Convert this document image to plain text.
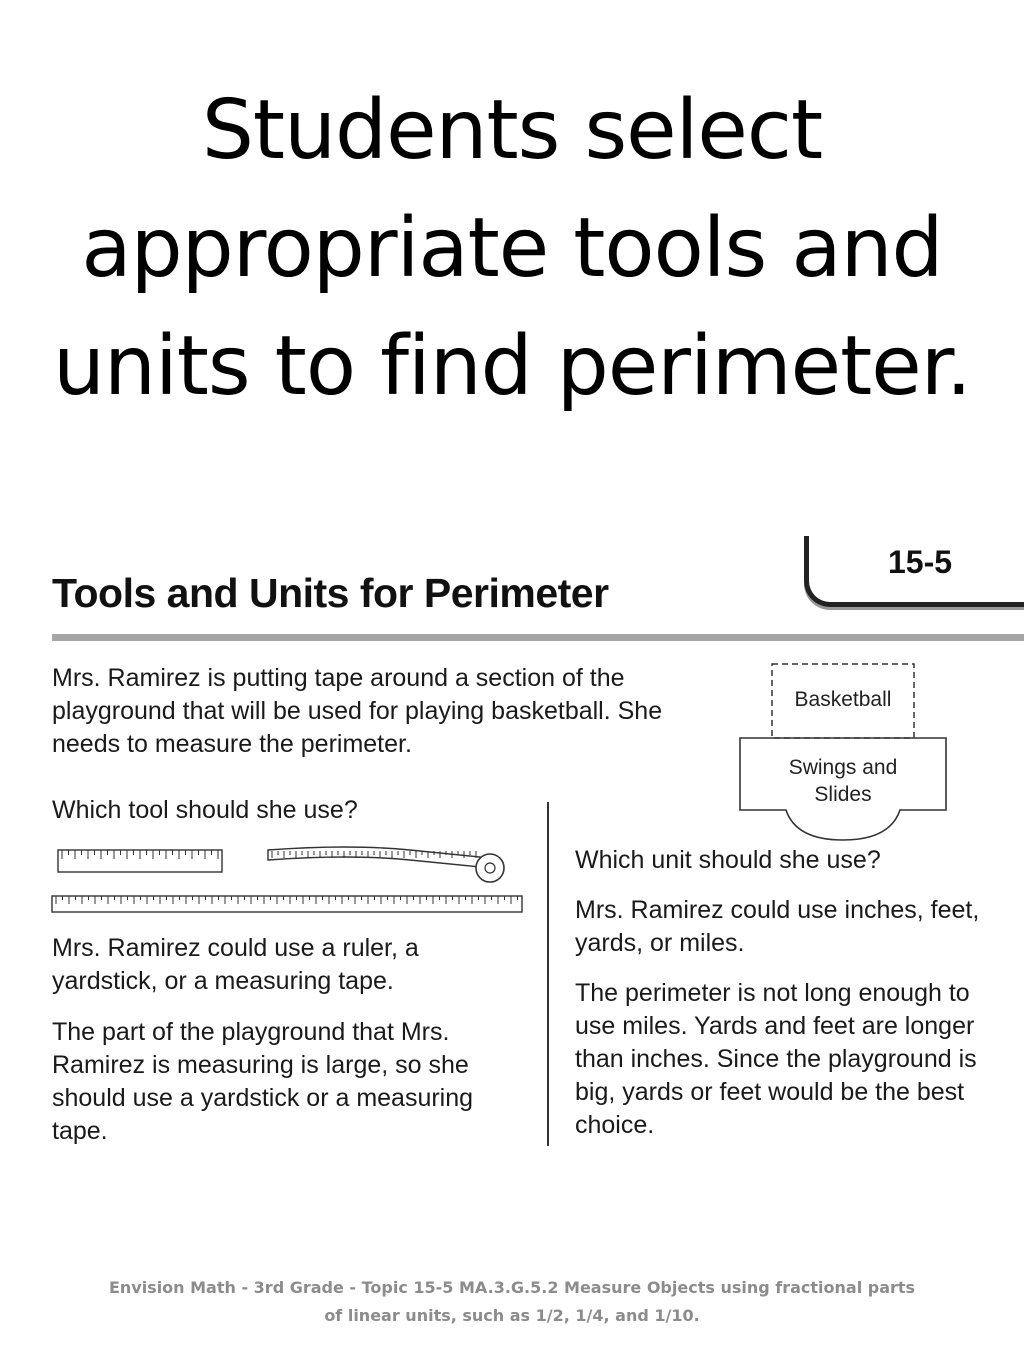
Students select
appropriate tools and
units to find perimeter.
Tools and Units for Perimeter
15-5

Mrs. Ramirez is putting tape around a section of the playground that will be used for playing basketball. She needs to measure the perimeter.

Basketball
Swings and
Slides

Which tool should she use?

Mrs. Ramirez could use a ruler, a yardstick, or a measuring tape.

The part of the playground that Mrs. Ramirez is measuring is large, so she should use a yardstick or a measuring tape.

Which unit should she use?

Mrs. Ramirez could use inches, feet, yards, or miles.

The perimeter is not long enough to use miles. Yards and feet are longer than inches. Since the playground is big, yards or feet would be the best choice.

Envision Math - 3rd Grade - Topic 15-5 MA.3.G.5.2 Measure Objects using fractional parts
of linear units, such as 1/2, 1/4, and 1/10.
